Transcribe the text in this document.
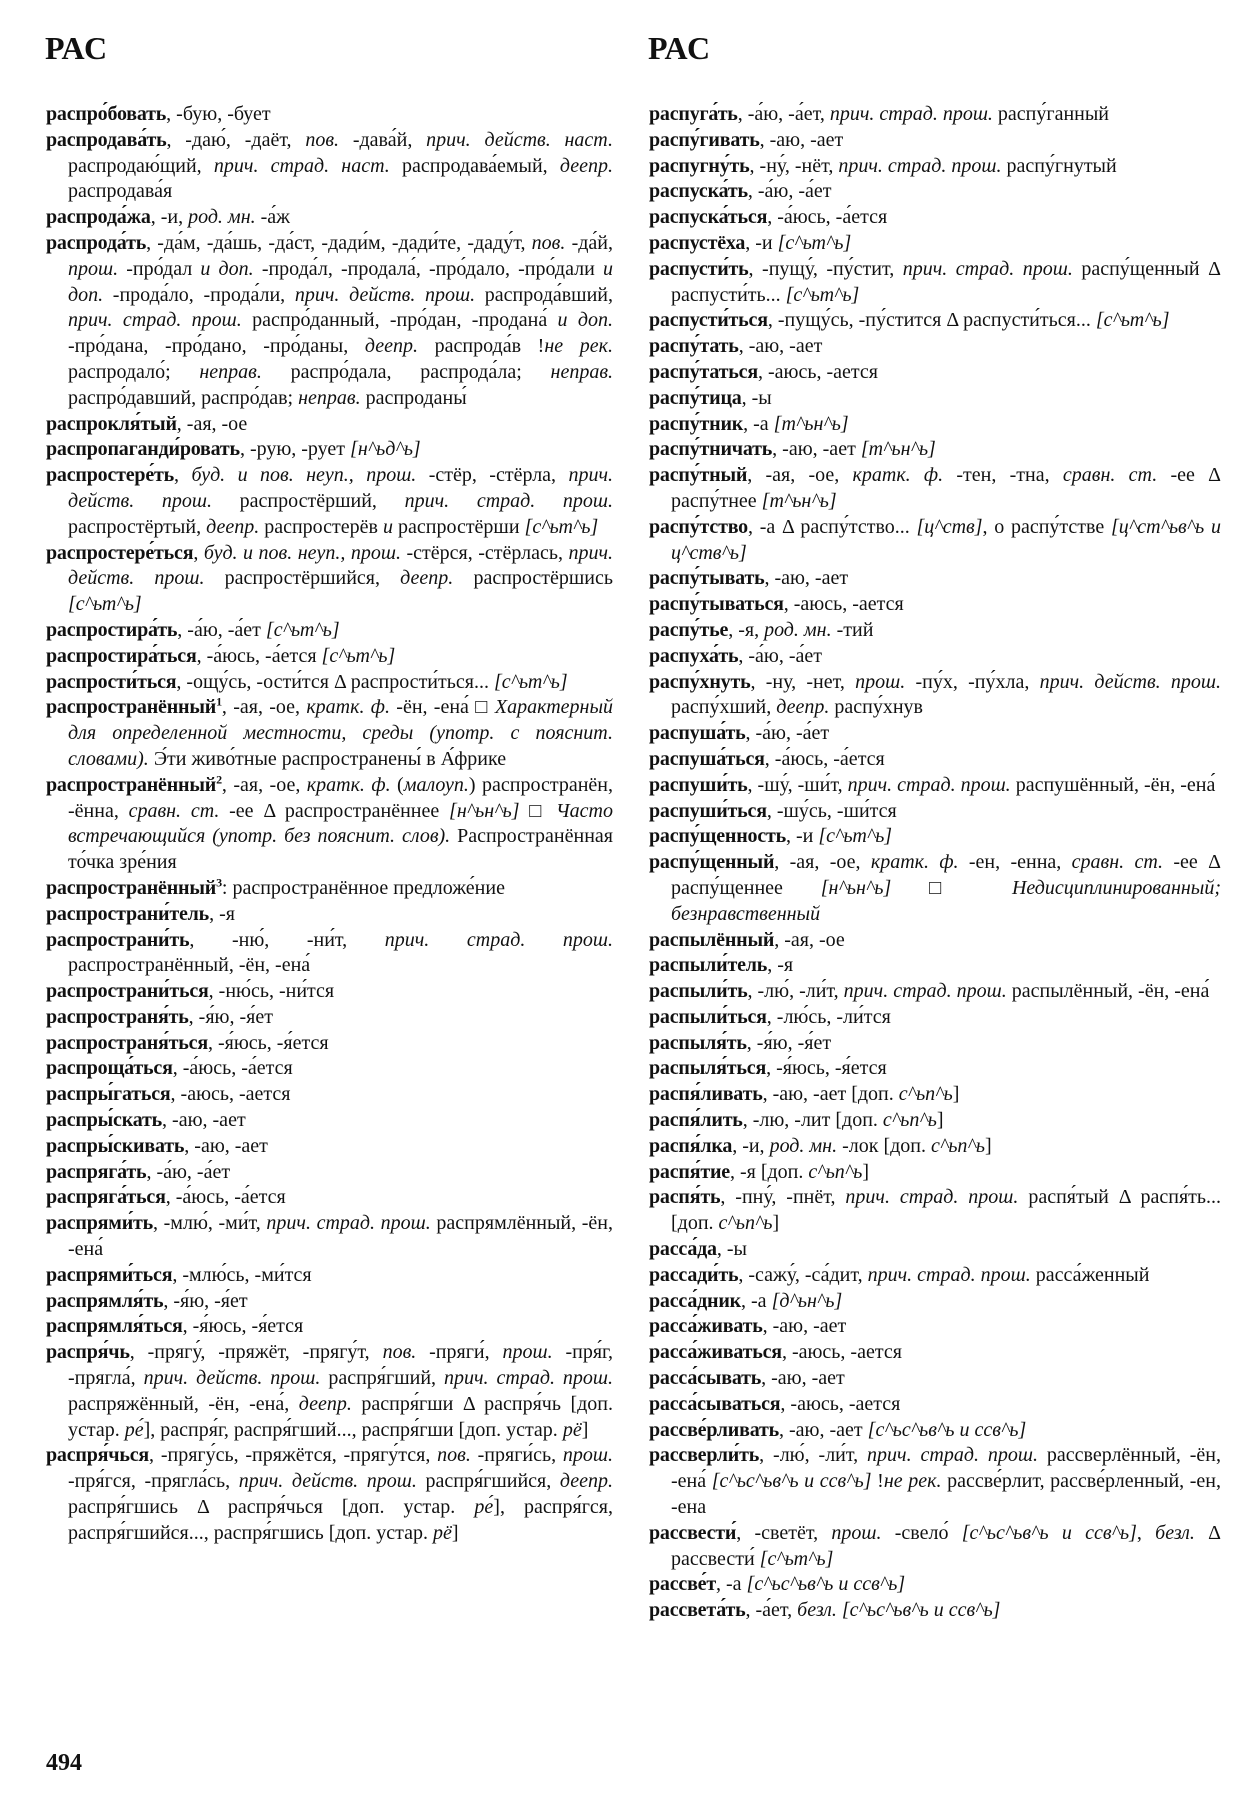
РАС	РАС
распро́бовать, -бую, -бует
распродава́ть, -даю́, -даёт, пов. -дава́й, прич. действ. наст. распродаю́щий, прич. страд. наст. распродава́емый, деепр. распродава́я
распрода́жа, -и, род. мн. -а́ж
распрода́ть, -да́м, -да́шь, -да́ст, -дади́м, -дади́те, -даду́т, пов. -да́й, прош. -про́дал и доп. -прода́л, -продала́, -про́дало, -про́дали и доп. -прода́ло, -прода́ли, прич. действ. прош. распрода́вший, прич. страд. прош. распро́данный, -про́дан, -продана́ и доп. -про́дана, -про́дано, -про́даны, деепр. распрода́в !не рек. распродало́; неправ. распро́дала, распрода́ла; неправ. распро́давший, распро́дав; неправ. распроданы́
распрокля́тый, -ая, -ое
распропаганди́ровать, -рую, -рует [н^ьд^ь]
распростере́ть, буд. и пов. неуп., прош. -стёр, -стёрла, прич. действ. прош. распростёрший, прич. страд. прош. распростёртый, деепр. распростерёв и распростёрши [с^ьт^ь]
распростере́ться, буд. и пов. неуп., прош. -стёрся, -стёрлась, прич. действ. прош. распростёршийся, деепр. распростёршись [с^ьт^ь]
распростира́ть, -а́ю, -а́ет [с^ьт^ь]
распростира́ться, -а́юсь, -а́ется [с^ьт^ь]
распрости́ться, -ощу́сь, -ости́тся Δ распрости́ться... [с^ьт^ь]
распространённый$^1$, -ая, -ое, кратк. ф. -ён, -ена́ □ Характерный для определенной местности, среды (употр. с пояснит. словами). Э́ти живо́тные распространены́ в А́фрике
распространённый$^2$, -ая, -ое, кратк. ф. (малоуп.) распространён, -ённа, сравн. ст. -ее Δ распространённее [н^ьн^ь] □ Часто встречающийся (употр. без пояснит. слов). Распространённая то́чка зре́ния
распространённый$^3$: распространённое предложе́ние
распространи́тель, -я
распространи́ть, -ню́, -ни́т, прич. страд. прош. распространённый, -ён, -ена́
распространи́ться, -ню́сь, -ни́тся
распространя́ть, -я́ю, -я́ет
распространя́ться, -я́юсь, -я́ется
распроща́ться, -а́юсь, -а́ется
распры́гаться, -аюсь, -ается
распры́скать, -аю, -ает
распры́скивать, -аю, -ает
распряга́ть, -а́ю, -а́ет
распряга́ться, -а́юсь, -а́ется
распрями́ть, -млю́, -ми́т, прич. страд. прош. распрямлённый, -ён, -ена́
распрями́ться, -млю́сь, -ми́тся
распрямля́ть, -я́ю, -я́ет
распрямля́ться, -я́юсь, -я́ется
распря́чь, -прягу́, -пряжёт, -прягу́т, пов. -пряги́, прош. -пря́г, -прягла́, прич. действ. прош. распря́гший, прич. страд. прош. распряжённый, -ён, -ена́, деепр. распря́гши Δ распря́чь [доп. устар. ре́], распря́г, распря́гший..., распря́гши [доп. устар. рё]
распря́чься, -прягу́сь, -пряжётся, -прягу́тся, пов. -пряги́сь, прош. -пря́гся, -прягла́сь, прич. действ. прош. распря́гшийся, деепр. распря́гшись Δ распря́чься [доп. устар. ре́], распря́гся, распря́гшийся..., распря́гшись [доп. устар. рё]
распуга́ть, -а́ю, -а́ет, прич. страд. прош. распу́ганный
распу́гивать, -аю, -ает
распугну́ть, -ну́, -нёт, прич. страд. прош. распу́гнутый
распуска́ть, -а́ю, -а́ет
распуска́ться, -а́юсь, -а́ется
распустёха, -и [с^ьт^ь]
распусти́ть, -пущу́, -пу́стит, прич. страд. прош. распу́щенный Δ распусти́ть... [с^ьт^ь]
распусти́ться, -пущу́сь, -пу́стится Δ распусти́ться... [с^ьт^ь]
распу́тать, -аю, -ает
распу́таться, -аюсь, -ается
распу́тица, -ы
распу́тник, -а [т^ьн^ь]
распу́тничать, -аю, -ает [т^ьн^ь]
распу́тный, -ая, -ое, кратк. ф. -тен, -тна, сравн. ст. -ее Δ распу́тнее [т^ьн^ь]
распу́тство, -а Δ распу́тство... [ц^ств], о распу́тстве [ц^ст^ьв^ь и ц^ств^ь]
распу́тывать, -аю, -ает
распу́тываться, -аюсь, -ается
распу́тье, -я, род. мн. -тий
распуха́ть, -а́ю, -а́ет
распу́хнуть, -ну, -нет, прош. -пу́х, -пу́хла, прич. действ. прош. распу́хший, деепр. распу́хнув
распуша́ть, -а́ю, -а́ет
распуша́ться, -а́юсь, -а́ется
распуши́ть, -шу́, -ши́т, прич. страд. прош. распушённый, -ён, -ена́
распуши́ться, -шу́сь, -ши́тся
распу́щенность, -и [с^ьт^ь]
распу́щенный, -ая, -ое, кратк. ф. -ен, -енна, сравн. ст. -ее Δ распу́щеннее [н^ьн^ь] □ Недисциплинированный; безнравственный
распылённый, -ая, -ое
распыли́тель, -я
распыли́ть, -лю́, -ли́т, прич. страд. прош. распылённый, -ён, -ена́
распыли́ться, -лю́сь, -ли́тся
распыля́ть, -я́ю, -я́ет
распыля́ться, -я́юсь, -я́ется
распя́ливать, -аю, -ает [доп. с^ьп^ь]
распя́лить, -лю, -лит [доп. с^ьп^ь]
распя́лка, -и, род. мн. -лок [доп. с^ьп^ь]
распя́тие, -я [доп. с^ьп^ь]
распя́ть, -пну́, -пнёт, прич. страд. прош. распя́тый Δ распя́ть... [доп. с^ьп^ь]
расса́да, -ы
рассади́ть, -сажу́, -са́дит, прич. страд. прош. расса́женный
расса́дник, -а [д^ьн^ь]
расса́живать, -аю, -ает
расса́живаться, -аюсь, -ается
расса́сывать, -аю, -ает
расса́сываться, -аюсь, -ается
рассве́рливать, -аю, -ает [с^ьс^ьв^ь и сcв^ь]
рассверли́ть, -лю́, -ли́т, прич. страд. прош. рассверлённый, -ён, -ена́ [с^ьс^ьв^ь и сcв^ь] !не рек. рассве́рлит, рассве́рленный, -ен, -ена
рассвести́, -светёт, прош. -свело́ [с^ьс^ьв^ь и сcв^ь], безл. Δ рассвести́ [с^ьт^ь]
рассве́т, -а [с^ьс^ьв^ь и сcв^ь]
рассвета́ть, -а́ет, безл. [с^ьс^ьв^ь и сcв^ь]
494
